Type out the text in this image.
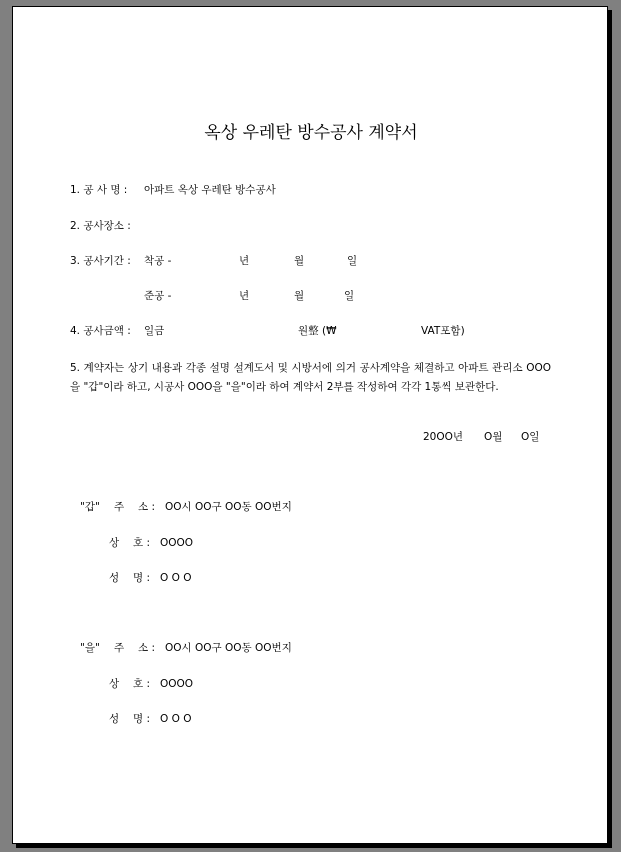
옥상 우레탄 방수공사 계약서
1. 공 사 명 : 아파트 옥상 우레탄 방수공사
2. 공사장소 :
3. 공사기간 : 착공 -	년	월	일
준공 -	년	월	일
4. 공사금액 : 일금	원整 (₩	VAT포함)
5. 계약자는 상기 내용과 각종 설명 설계도서 및 시방서에 의거 공사계약을 체결하고 아파트 관리소 OOO을 "갑"이라 하고, 시공사 OOO을 "을"이라 하여 계약서 2부를 작성하여 각각 1통씩 보관한다.
20OO년 O월 O일
"갑" 주　 소 : OO시 OO구 OO동 OO번지
상　 호 : OOOO
성　 명 : O O O
"을" 주　 소 : OO시 OO구 OO동 OO번지
상　 호 : OOOO
성　 명 : O O O
